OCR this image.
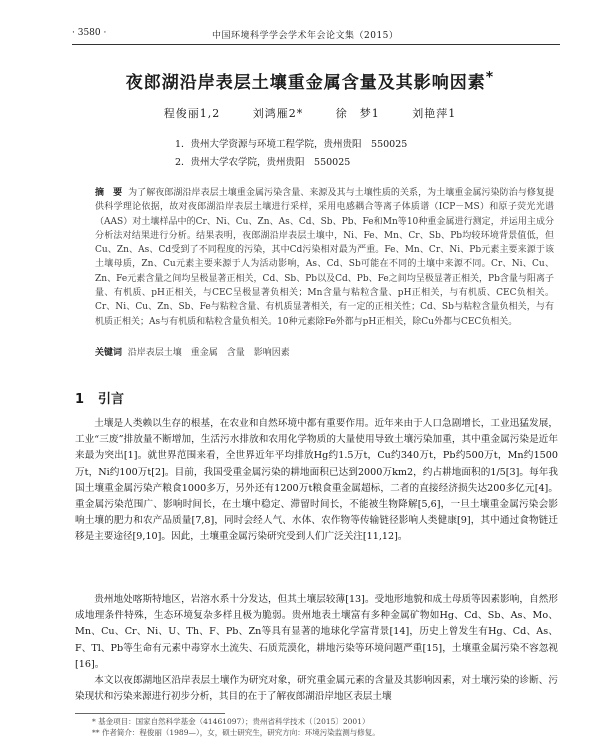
· 3580 ·	中国环境科学学会学术年会论文集（2015）
夜郎湖沿岸表层土壤重金属含量及其影响因素*
程俊丽1,2	刘鸿雁2*	徐　梦1	刘艳萍1
1．贵州大学资源与环境工程学院，贵州贵阳　550025
2．贵州大学农学院，贵州贵阳　550025
摘　要 为了解夜郎湖沿岸表层土壤重金属污染含量、来源及其与土壤性质的关系，为土壤重金属污染防治与修复提供科学理论依据，故对夜郎湖沿岸表层土壤进行采样，采用电感耦合等离子体质谱（ICP－MS）和原子荧光光谱（AAS）对土壤样品中的Cr、Ni、Cu、Zn、As、Cd、Sb、Pb、Fe和Mn等10种重金属进行测定，并运用主成分分析法对结果进行分析。结果表明，夜郎湖沿岸表层土壤中，Ni、Fe、Mn、Cr、Sb、Pb均较环境背景值低，但Cu、Zn、As、Cd受到了不同程度的污染，其中Cd污染相对最为严重。Fe、Mn、Cr、Ni、Pb元素主要来源于该土壤母质，Zn、Cu元素主要来源于人为活动影响，As、Cd、Sb可能在不同的土壤中来源不同。Cr、Ni、Cu、Zn、Fe元素含量之间均呈极显著正相关，Cd、Sb、Pb以及Cd、Pb、Fe之间均呈极显著正相关，Pb含量与阳离子量、有机质、pH正相关，与CEC呈极显著负相关；Mn含量与粘粒含量、pH正相关，与有机质、CEC负相关。Cr、Ni、Cu、Zn、Sb、Fe与粘粒含量、有机质显著相关，有一定的正相关性；Cd、Sb与粘粒含量负相关，与有机质正相关；As与有机质和粘粒含量负相关。10种元素除Fe外都与pH正相关，除Cu外都与CEC负相关。
关键词 沿岸表层土壤　重金属　含量　影响因素
1 引言

土壤是人类赖以生存的根基，在农业和自然环境中都有重要作用。近年来由于人口急剧增长，工业迅猛发展，工业“三废”排放量不断增加，生活污水排放和农用化学物质的大量使用导致土壤污染加重，其中重金属污染是近年来最为突出[1]。就世界范围来看，全世界近年平均排放Hg约1.5万t，Cu约340万t，Pb约500万t，Mn约1500万t，Ni约100万t[2]。目前，我国受重金属污染的耕地面积已达到2000万km2，约占耕地面积的1/5[3]。每年我国土壤重金属污染产粮食1000多万，另外还有1200万t粮食重金属超标，二者的直接经济损失达200多亿元[4]。重金属污染范围广、影响时间长，在土壤中稳定、滞留时间长，不能被生物降解[5,6]，一旦土壤重金属污染会影响土壤的肥力和农产品质量[7,8]，同时会经人气、水体、农作物等传输链径影响人类健康[9]，其中通过食物链迁移是主要途径[9,10]。因此，土壤重金属污染研究受到人们广泛关注[11,12]。

贵州地处喀斯特地区，岩溶水系十分发达，但其土壤层较薄[13]。受地形地貌和成土母质等因素影响，自然形成地理条件特殊，生态环境复杂多样且极为脆弱。贵州地表土壤富有多种金属矿物如Hg、Cd、Sb、As、Mo、Mn、Cu、Cr、Ni、U、Th、F、Pb、Zn等具有显著的地球化学富背景[14]，历史上曾发生有Hg、Cd、As、F、Tl、Pb等生命有元素中毒穿水土流失、石质荒漠化，耕地污染等环境问题严重[15]，土壤重金属污染不容忽视[16]。

本文以夜郎湖地区沿岸表层土壤作为研究对象，研究重金属元素的含量及其影响因素，对土壤污染的诊断、污染现状和污染来源进行初步分析，其目的在于了解夜郎湖沿岸地区表层土壤

* 基金项目：国家自然科学基金（41461097）；贵州省科学技术（〔2015〕2001）
** 作者简介：程俊丽（1989—），女，硕士研究生，研究方向：环境污染监测与修复。
